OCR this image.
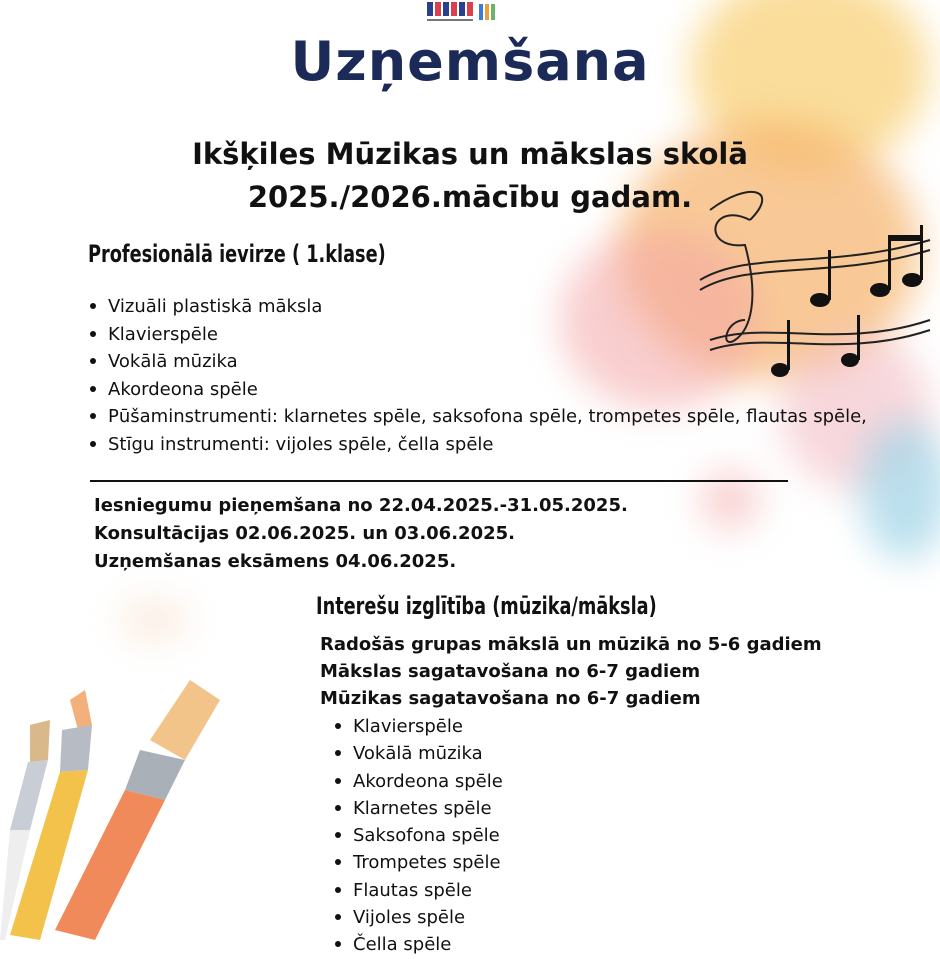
Uzņemšana
Ikšķiles Mūzikas un mākslas skolā
2025./2026.mācību gadam.
Profesionālā ievirze ( 1.klase)
Vizuāli plastiskā māksla
Klavierspēle
Vokālā mūzika
Akordeona spēle
Pūšaminstrumenti: klarnetes spēle, saksofona spēle, trompetes spēle, flautas spēle,
Stīgu instrumenti: vijoles spēle, čella spēle
Iesniegumu pieņemšana no 22.04.2025.-31.05.2025.
Konsultācijas 02.06.2025. un 03.06.2025.
Uzņemšanas eksāmens 04.06.2025.
Interešu izglītība (mūzika/māksla)
Radošās grupas mākslā un mūzikā no 5-6 gadiem
Mākslas sagatavošana no 6-7 gadiem
Mūzikas sagatavošana no 6-7 gadiem
Klavierspēle
Vokālā mūzika
Akordeona spēle
Klarnetes spēle
Saksofona spēle
Trompetes spēle
Flautas spēle
Vijoles spēle
Čella spēle
